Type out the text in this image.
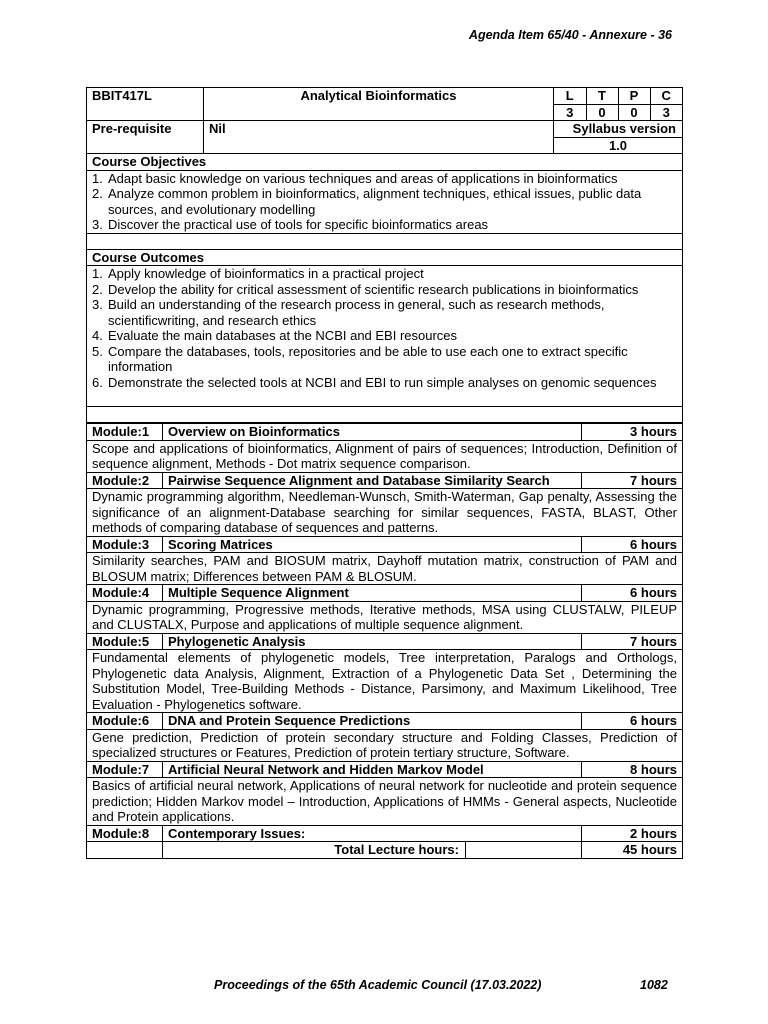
Agenda Item 65/40 - Annexure - 36
BBIT417L	Analytical Bioinformatics		L	T	P	C
3	0	0	3

Pre-requisite	Nil	Syllabus version
1.0

Course Objectives

1. Adapt basic knowledge on various techniques and areas of applications in bioinformatics
2. Analyze common problem in bioinformatics, alignment techniques, ethical issues, public data sources, and evolutionary modelling
3. Discover the practical use of tools for specific bioinformatics areas

Course Outcomes

1. Apply knowledge of bioinformatics in a practical project
2. Develop the ability for critical assessment of scientific research publications in bioinformatics
3. Build an understanding of the research process in general, such as research methods, scientificwriting, and research ethics
4. Evaluate the main databases at the NCBI and EBI resources
5. Compare the databases, tools, repositories and be able to use each one to extract specific information
6. Demonstrate the selected tools at NCBI and EBI to run simple analyses on genomic sequences

Module:1	Overview on Bioinformatics	3 hours
Scope and applications of bioinformatics, Alignment of pairs of sequences; Introduction, Definition of sequence alignment, Methods - Dot matrix sequence comparison.		
Module:2	Pairwise Sequence Alignment and Database Similarity Search	7 hours
Dynamic programming algorithm, Needleman-Wunsch, Smith-Waterman, Gap penalty, Assessing the significance of an alignment-Database searching for similar sequences, FASTA, BLAST, Other methods of comparing database of sequences and patterns.		
Module:3	Scoring Matrices	6 hours
Similarity searches, PAM and BIOSUM matrix, Dayhoff mutation matrix, construction of PAM and BLOSUM matrix; Differences between PAM & BLOSUM.		
Module:4	Multiple Sequence Alignment	6 hours
Dynamic programming, Progressive methods, Iterative methods, MSA using CLUSTALW, PILEUP and CLUSTALX, Purpose and applications of multiple sequence alignment.		
Module:5	Phylogenetic Analysis	7 hours
Fundamental elements of phylogenetic models, Tree interpretation, Paralogs and Orthologs, Phylogenetic data Analysis, Alignment, Extraction of a Phylogenetic Data Set , Determining the Substitution Model, Tree-Building Methods - Distance, Parsimony, and Maximum Likelihood, Tree Evaluation - Phylogenetics software.		
Module:6	DNA and Protein Sequence Predictions	6 hours
Gene prediction, Prediction of protein secondary structure and Folding Classes, Prediction of specialized structures or Features, Prediction of protein tertiary structure, Software.		
Module:7	Artificial Neural Network and Hidden Markov Model	8 hours
Basics of artificial neural network, Applications of neural network for nucleotide and protein sequence prediction; Hidden Markov model – Introduction, Applications of HMMs - General aspects, Nucleotide and Protein applications.		
Module:8	Contemporary Issues:	2 hours

	Total Lecture hours:	45 hours
Proceedings of the 65th Academic Council (17.03.2022)	1082
